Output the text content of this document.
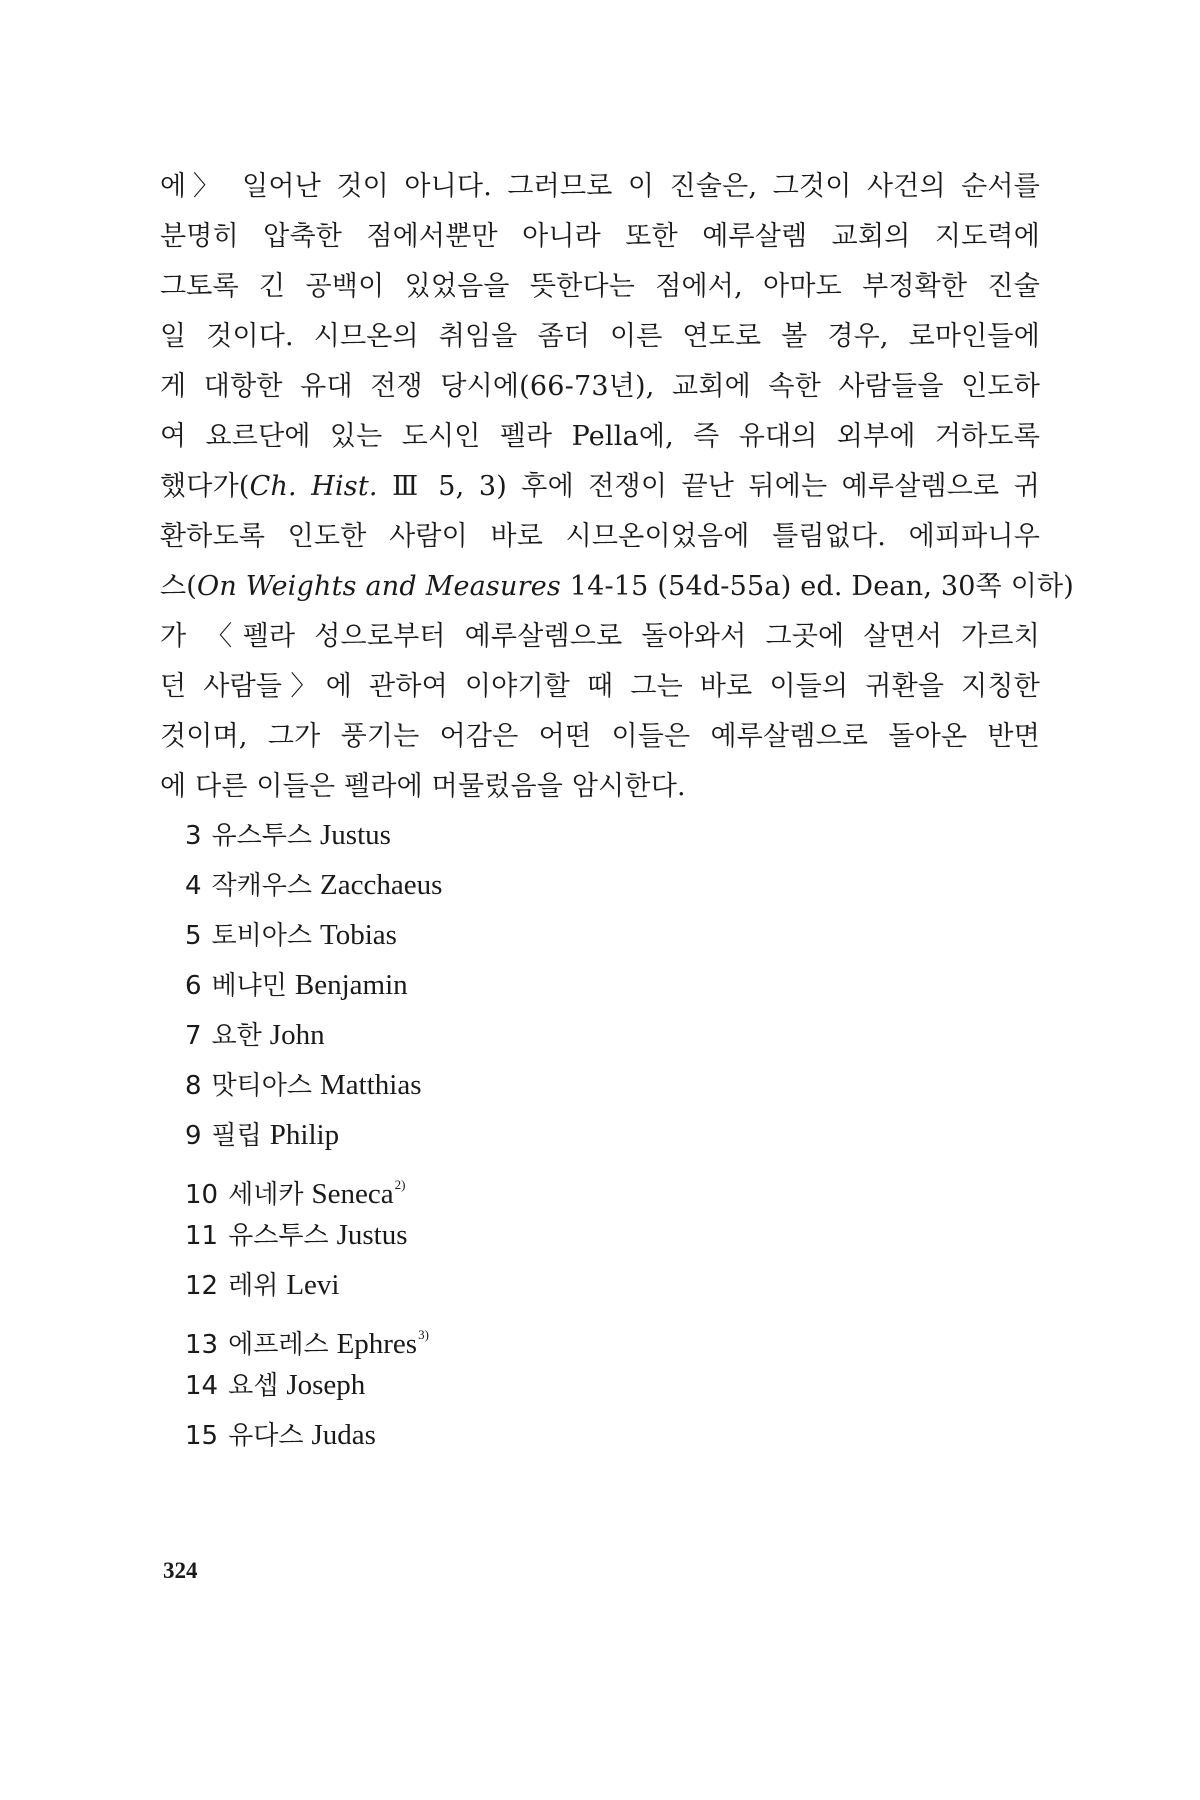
에〉 일어난 것이 아니다. 그러므로 이 진술은, 그것이 사건의 순서를
분명히 압축한 점에서뿐만 아니라 또한 예루살렘 교회의 지도력에
그토록 긴 공백이 있었음을 뜻한다는 점에서, 아마도 부정확한 진술
일 것이다. 시므온의 취임을 좀더 이른 연도로 볼 경우, 로마인들에
게 대항한 유대 전쟁 당시에(66-73년), 교회에 속한 사람들을 인도하
여 요르단에 있는 도시인 펠라 Pella에, 즉 유대의 외부에 거하도록
했다가(Ch. Hist. Ⅲ 5, 3) 후에 전쟁이 끝난 뒤에는 예루살렘으로 귀
환하도록 인도한 사람이 바로 시므온이었음에 틀림없다. 에피파니우
스(On Weights and Measures 14-15 (54d-55a) ed. Dean, 30쪽 이하)
가 〈펠라 성으로부터 예루살렘으로 돌아와서 그곳에 살면서 가르치
던 사람들〉에 관하여 이야기할 때 그는 바로 이들의 귀환을 지칭한
것이며, 그가 풍기는 어감은 어떤 이들은 예루살렘으로 돌아온 반면
에 다른 이들은 펠라에 머물렀음을 암시한다.
3 유스투스 Justus
4 작캐우스 Zacchaeus
5 토비아스 Tobias
6 베냐민 Benjamin
7 요한 John
8 맛티아스 Matthias
9 필립 Philip
10 세네카 Seneca$^{2)}$
11 유스투스 Justus
12 레위 Levi
13 에프레스 Ephres$^{3)}$
14 요셉 Joseph
15 유다스 Judas
324
